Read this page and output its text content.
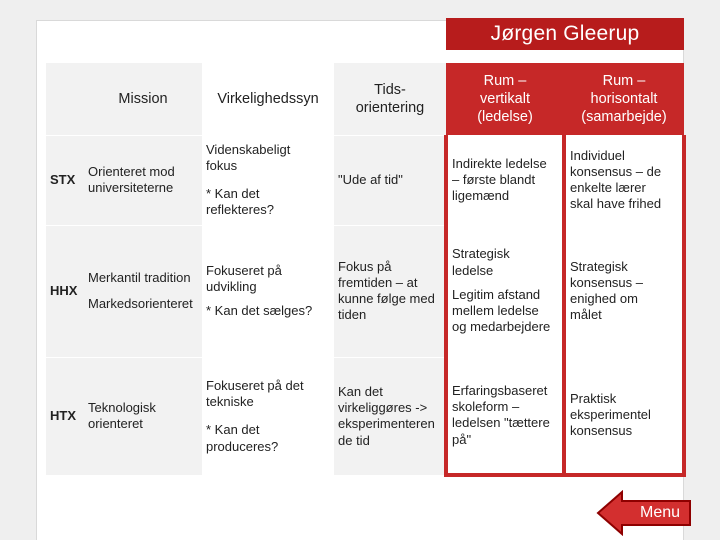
Jørgen Gleerup
	Mission	Virkelighedssyn	Tids-
orientering	Rum –
vertikalt
(ledelse)	Rum –
horisontalt
(samarbejde)

STX	Orienteret mod
universiteterne	Videnskabeligt
fokus
* Kan det
reflekteres?	"Ude af tid"	Indirekte ledelse
– første blandt
ligemænd	Individuel
konsensus – de
enkelte lærer
skal have frihed

HHX	Merkantil tradition
Markedsorienteret	Fokuseret på
udvikling
* Kan det sælges?	Fokus på
fremtiden – at
kunne følge med
tiden	Strategisk
ledelse
Legitim afstand
mellem ledelse
og medarbejdere	Strategisk
konsensus –
enighed om
målet

HTX	Teknologisk
orienteret	Fokuseret på det
tekniske
* Kan det
produceres?	Kan det
virkeliggøres ->
eksperimenteren
de tid	Erfaringsbaseret
skoleform –
ledelsen "tættere
på"	Praktisk
eksperimentel
konsensus
Menu
